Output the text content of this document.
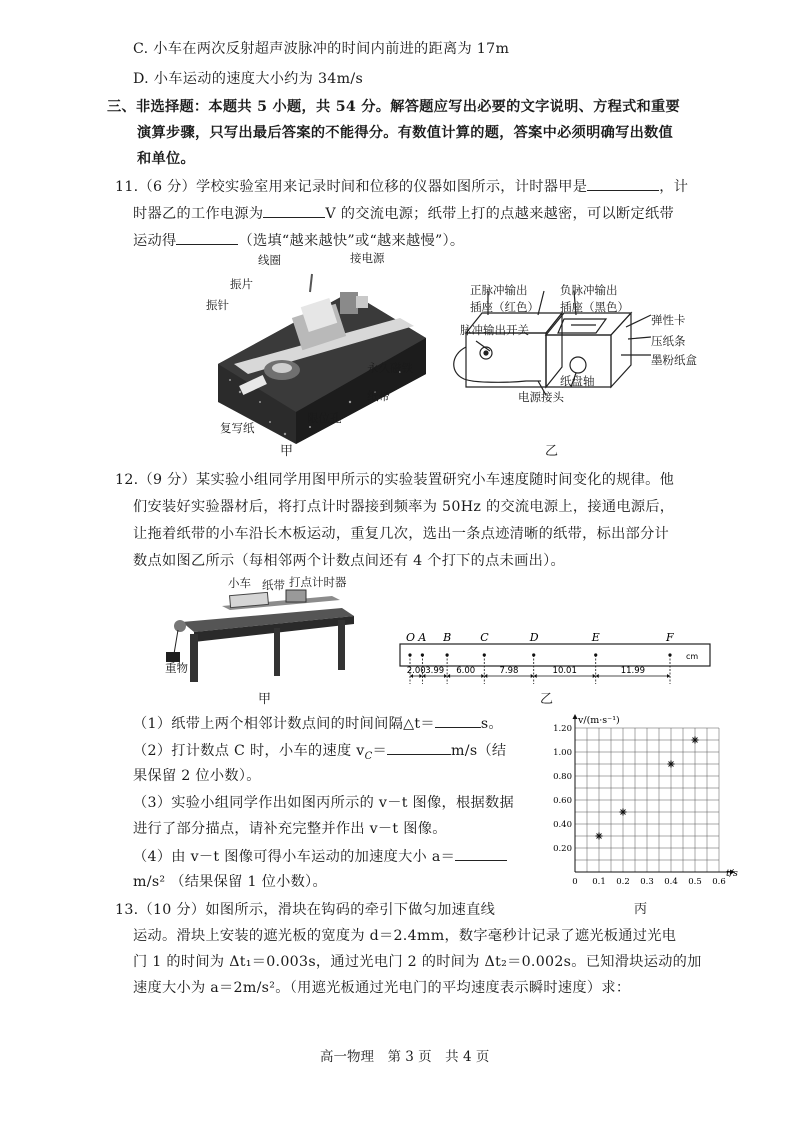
C. 小车在两次反射超声波脉冲的时间内前进的距离为 17m
D. 小车运动的速度大小约为 34m/s
三、非选择题：本题共 5 小题，共 54 分。解答题应写出必要的文字说明、方程式和重要
演算步骤，只写出最后答案的不能得分。有数值计算的题，答案中必须明确写出数值
和单位。
11.（6 分）学校实验室用来记录时间和位移的仪器如图所示，计时器甲是	，计
时器乙的工作电源为	V 的交流电源；纸带上打的点越来越密，可以断定纸带
运动得	（选填“越来越快”或“越来越慢”）。
线圈	接电源
振片
振针
永久磁铁
纸带
限位孔
复写纸
甲
正脉冲输出
插座（红色）
负脉冲输出
插座（黑色）
脉冲输出开关
弹性卡
压纸条
墨粉纸盒
纸盘轴
电源接头
乙
12.（9 分）某实验小组同学用图甲所示的实验装置研究小车速度随时间变化的规律。他
们安装好实验器材后，将打点计时器接到频率为 50Hz 的交流电源上，接通电源后，
让拖着纸带的小车沿长木板运动，重复几次，选出一条点迹清晰的纸带，标出部分计
数点如图乙所示（每相邻两个计数点间还有 4 个打下的点未画出）。
小车 纸带 打点计时器
重物
甲
O A B	C	D	E	F
cm
2.00 3.99 6.00	7.98	10.01	11.99
乙
（1）纸带上两个相邻计数点间的时间间隔△t＝	s。
（2）打计数点 C 时，小车的速度 $v_C=$	m/s（结
果保留 2 位小数）。
（3）实验小组同学作出如图丙所示的 v－t 图像，根据数据
进行了部分描点，请补充完整并作出 v－t 图像。
（4）由 v－t 图像可得小车运动的加速度大小 a＝
m/s² （结果保留 1 位小数）。	0 0.1 0.2 0.3 0.4 0.5 0.6
0.20
0.40
0.60
0.80
1.00
1.20
v/(m·s⁻¹)
t/s
丙
13.（10 分）如图所示，滑块在钩码的牵引下做匀加速直线
运动。滑块上安装的遮光板的宽度为 d＝2.4mm，数字毫秒计记录了遮光板通过光电
门 1 的时间为 Δt₁＝0.003s，通过光电门 2 的时间为 Δt₂＝0.002s。已知滑块运动的加
速度大小为 a＝2m/s²。（用遮光板通过光电门的平均速度表示瞬时速度）求：
高一物理　第 3 页　共 4 页
